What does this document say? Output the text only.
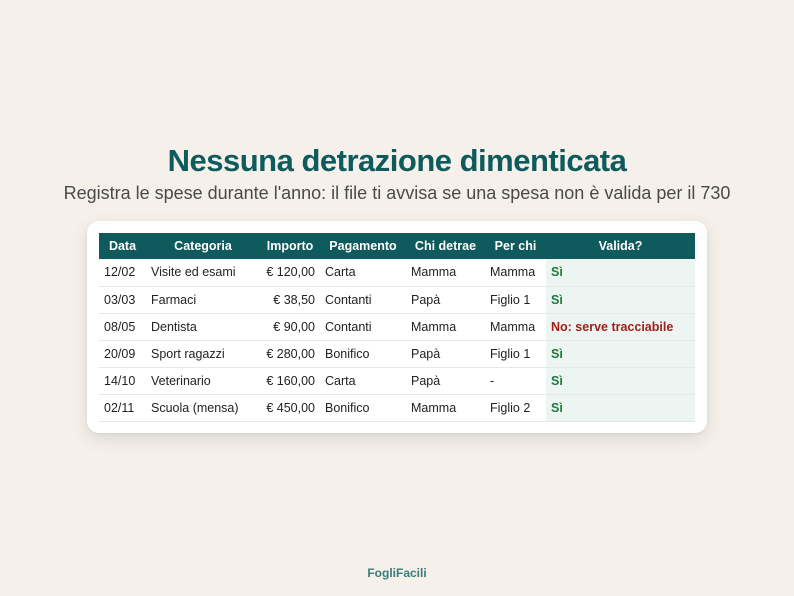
Nessuna detrazione dimenticata

Registra le spese durante l'anno: il file ti avvisa se una spesa non è valida per il 730

Data	Categoria	Importo	Pagamento	Chi detrae	Per chi	Valida?
12/02	Visite ed esami	€ 120,00	Carta	Mamma	Mamma	Sì
03/03	Farmaci	€ 38,50	Contanti	Papà	Figlio 1	Sì
08/05	Dentista	€ 90,00	Contanti	Mamma	Mamma	No: serve tracciabile
20/09	Sport ragazzi	€ 280,00	Bonifico	Papà	Figlio 1	Sì
14/10	Veterinario	€ 160,00	Carta	Papà	-	Sì
02/11	Scuola (mensa)	€ 450,00	Bonifico	Mamma	Figlio 2	Sì
FogliFacili
